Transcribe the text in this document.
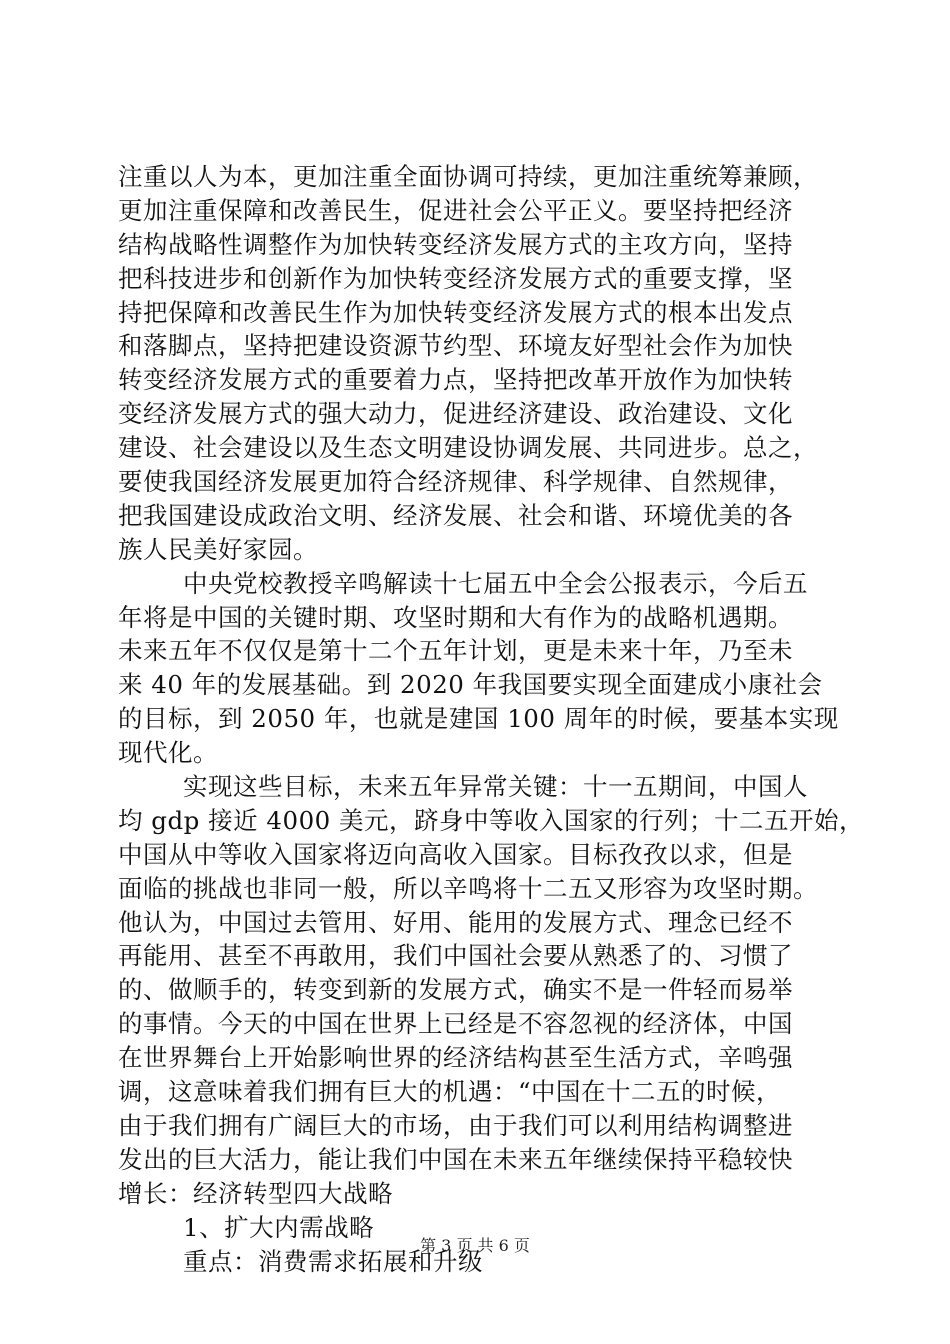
注重以人为本，更加注重全面协调可持续，更加注重统筹兼顾，
更加注重保障和改善民生，促进社会公平正义。要坚持把经济
结构战略性调整作为加快转变经济发展方式的主攻方向，坚持
把科技进步和创新作为加快转变经济发展方式的重要支撑，坚
持把保障和改善民生作为加快转变经济发展方式的根本出发点
和落脚点，坚持把建设资源节约型、环境友好型社会作为加快
转变经济发展方式的重要着力点，坚持把改革开放作为加快转
变经济发展方式的强大动力，促进经济建设、政治建设、文化
建设、社会建设以及生态文明建设协调发展、共同进步。总之，
要使我国经济发展更加符合经济规律、科学规律、自然规律，
把我国建设成政治文明、经济发展、社会和谐、环境优美的各
族人民美好家园。
中央党校教授辛鸣解读十七届五中全会公报表示，今后五
年将是中国的关键时期、攻坚时期和大有作为的战略机遇期。
未来五年不仅仅是第十二个五年计划，更是未来十年，乃至未
来 40 年的发展基础。到 2020 年我国要实现全面建成小康社会
的目标，到 2050 年，也就是建国 100 周年的时候，要基本实现
现代化。
实现这些目标，未来五年异常关键：十一五期间，中国人
均 gdp 接近 4000 美元，跻身中等收入国家的行列；十二五开始，
中国从中等收入国家将迈向高收入国家。目标孜孜以求，但是
面临的挑战也非同一般，所以辛鸣将十二五又形容为攻坚时期。
他认为，中国过去管用、好用、能用的发展方式、理念已经不
再能用、甚至不再敢用，我们中国社会要从熟悉了的、习惯了
的、做顺手的，转变到新的发展方式，确实不是一件轻而易举
的事情。今天的中国在世界上已经是不容忽视的经济体，中国
在世界舞台上开始影响世界的经济结构甚至生活方式，辛鸣强
调，这意味着我们拥有巨大的机遇：“中国在十二五的时候，
由于我们拥有广阔巨大的市场，由于我们可以利用结构调整进
发出的巨大活力，能让我们中国在未来五年继续保持平稳较快
增长：经济转型四大战略
1、扩大内需战略
重点：消费需求拓展和升级
第 3 页 共 6 页
